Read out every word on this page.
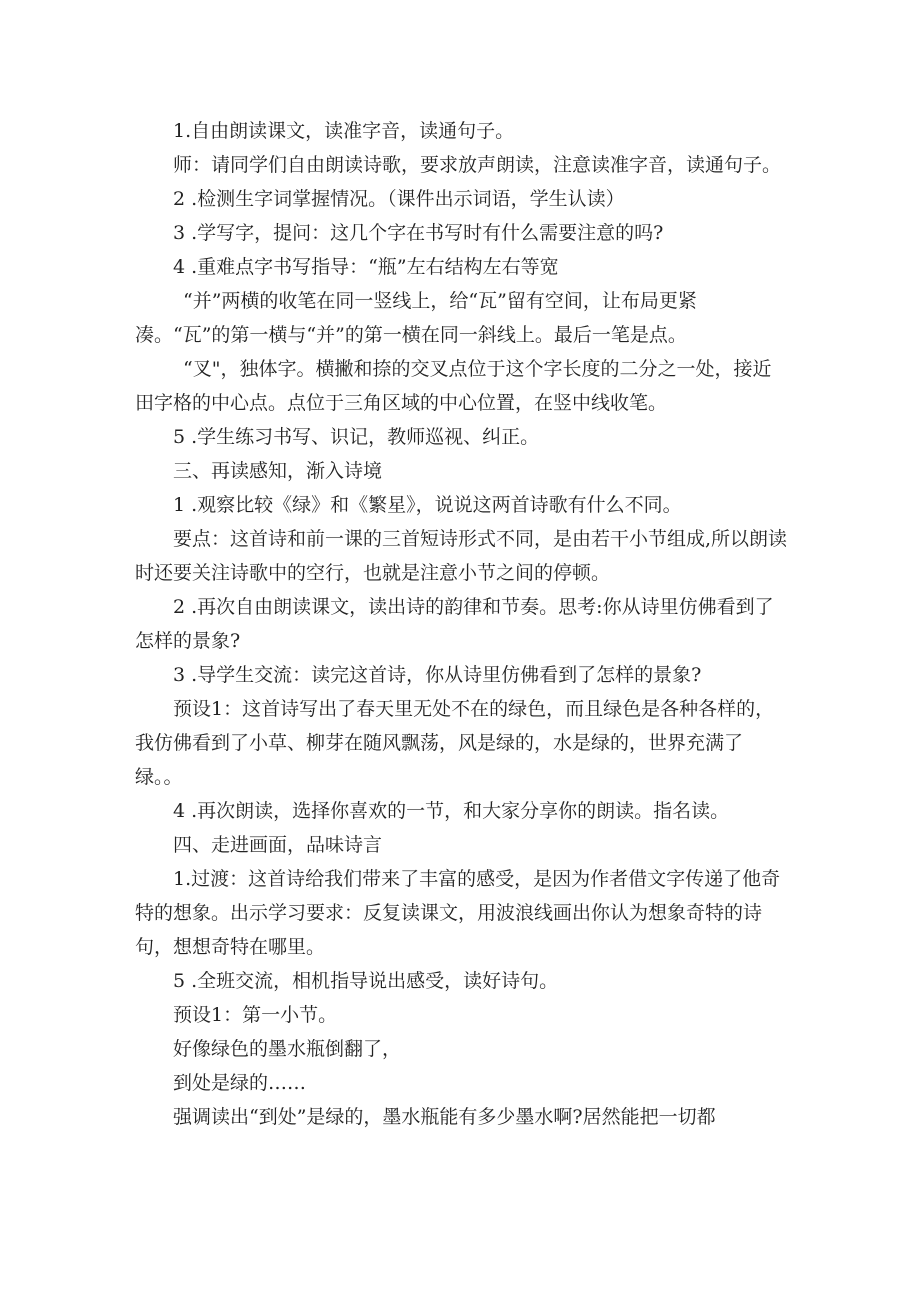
1.自由朗读课文，读准字音，读通句子。

师：请同学们自由朗读诗歌，要求放声朗读，注意读准字音，读通句子。

2 .检测生字词掌握情况。（课件出示词语，学生认读）

3 .学写字，提问：这几个字在书写时有什么需要注意的吗?

4 .重难点字书写指导：“瓶”左右结构左右等宽

“并”两横的收笔在同一竖线上，给“瓦”留有空间，让布局更紧凑。“瓦”的第一横与“并”的第一横在同一斜线上。最后一笔是点。

“叉"，独体字。横撇和捺的交叉点位于这个字长度的二分之一处，接近田字格的中心点。点位于三角区域的中心位置，在竖中线收笔。

5 .学生练习书写、识记，教师巡视、纠正。

三、再读感知，渐入诗境

1 .观察比较《绿》和《繁星》，说说这两首诗歌有什么不同。

要点：这首诗和前一课的三首短诗形式不同，是由若干小节组成,所以朗读时还要关注诗歌中的空行，也就是注意小节之间的停顿。

2 .再次自由朗读课文，读出诗的韵律和节奏。思考:你从诗里仿佛看到了怎样的景象?

3 .导学生交流：读完这首诗，你从诗里仿佛看到了怎样的景象?

预设1：这首诗写出了春天里无处不在的绿色，而且绿色是各种各样的，我仿佛看到了小草、柳芽在随风飘荡，风是绿的，水是绿的，世界充满了绿。。

4 .再次朗读，选择你喜欢的一节，和大家分享你的朗读。指名读。

四、走进画面，品味诗言

1.过渡：这首诗给我们带来了丰富的感受，是因为作者借文字传递了他奇特的想象。出示学习要求：反复读课文，用波浪线画出你认为想象奇特的诗句，想想奇特在哪里。

5 .全班交流，相机指导说出感受，读好诗句。

预设1：第一小节。

好像绿色的墨水瓶倒翻了，

到处是绿的……

强调读出“到处”是绿的，墨水瓶能有多少墨水啊?居然能把一切都
